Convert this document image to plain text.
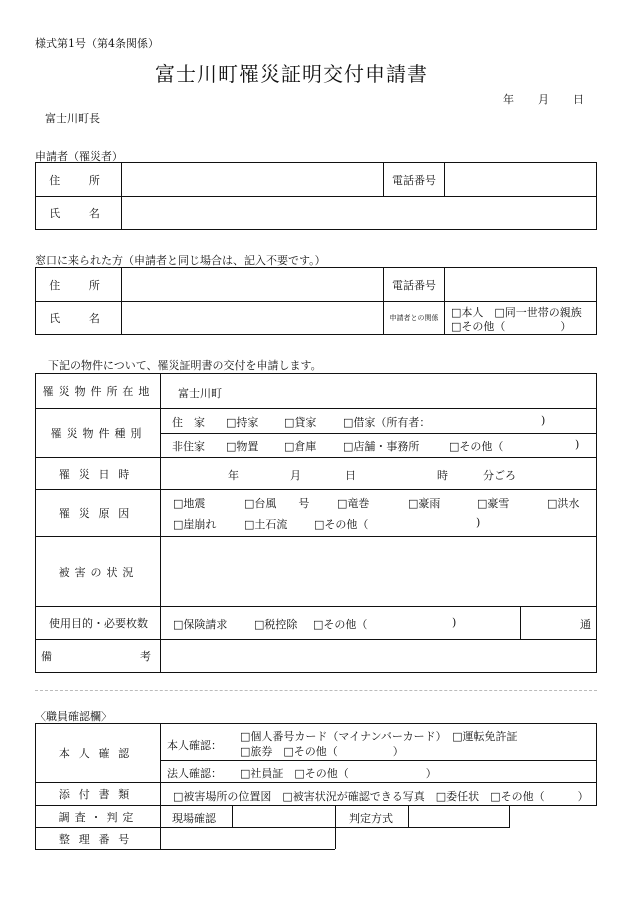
様式第1号（第4条関係）
富士川町罹災証明交付申請書
年 月 日
富士川町長
申請者（罹災者）
住　所	電話番号
氏　名
窓口に来られた方（申請者と同じ場合は、記入不要です。）
住　所	電話番号
氏　名	申請者との関係	□本人　□同一世帯の親族
□その他（　　　　　）
下記の物件について、罹災証明書の交付を申請します。
罹災物件所在地	富士川町
罹災物件種別
住　家 □持家 □貸家 □借家（所有者：	)
非住家 □物置 □倉庫 □店舗・事務所	□その他（	)
罹災日時	年	月	日	時	分ごろ
罹災原因
□地震	□台風　　号	□竜巻	□豪雨	□豪雪	□洪水
□崖崩れ	□土石流 □その他（	)
被害の状況
使用目的・必要枚数	□保険請求 □税控除 □その他（	)	通
備　　　　　　　　考
〈職員確認欄〉
本人確認
本人確認：
□個人番号カード（マイナンバーカード）　□運転免許証
□旅券　□その他（　　　　　）
法人確認： □社員証　□その他（　　　　　　　）
添付書類	□被害場所の位置図　□被害状況が確認できる写真　□委任状　□その他（　　　）
調査・判定	現場確認	判定方式
整理番号
